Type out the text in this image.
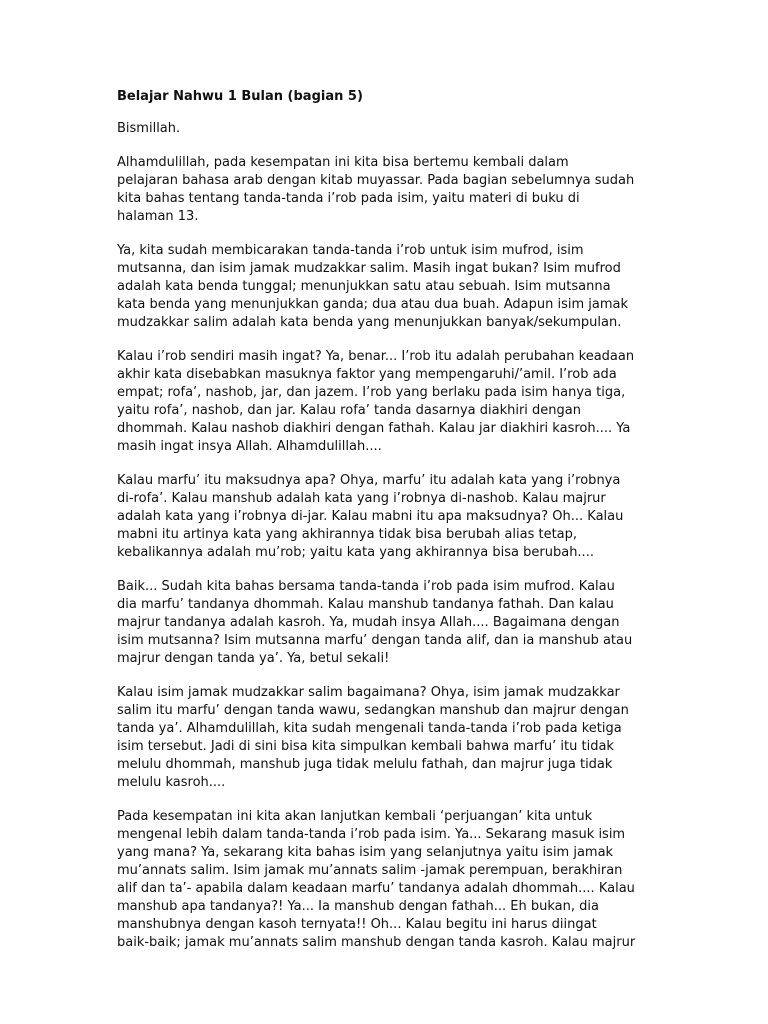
Belajar Nahwu 1 Bulan (bagian 5)
Bismillah.
Alhamdulillah, pada kesempatan ini kita bisa bertemu kembali dalam
pelajaran bahasa arab dengan kitab muyassar. Pada bagian sebelumnya sudah
kita bahas tentang tanda-tanda i’rob pada isim, yaitu materi di buku di
halaman 13.
Ya, kita sudah membicarakan tanda-tanda i’rob untuk isim mufrod, isim
mutsanna, dan isim jamak mudzakkar salim. Masih ingat bukan? Isim mufrod
adalah kata benda tunggal; menunjukkan satu atau sebuah. Isim mutsanna
kata benda yang menunjukkan ganda; dua atau dua buah. Adapun isim jamak
mudzakkar salim adalah kata benda yang menunjukkan banyak/sekumpulan.
Kalau i’rob sendiri masih ingat? Ya, benar... I’rob itu adalah perubahan keadaan
akhir kata disebabkan masuknya faktor yang mempengaruhi/’amil. I’rob ada
empat; rofa’, nashob, jar, dan jazem. I’rob yang berlaku pada isim hanya tiga,
yaitu rofa’, nashob, dan jar. Kalau rofa’ tanda dasarnya diakhiri dengan
dhommah. Kalau nashob diakhiri dengan fathah. Kalau jar diakhiri kasroh.... Ya
masih ingat insya Allah. Alhamdulillah....
Kalau marfu’ itu maksudnya apa? Ohya, marfu’ itu adalah kata yang i’robnya
di-rofa’. Kalau manshub adalah kata yang i’robnya di-nashob. Kalau majrur
adalah kata yang i’robnya di-jar. Kalau mabni itu apa maksudnya? Oh... Kalau
mabni itu artinya kata yang akhirannya tidak bisa berubah alias tetap,
kebalikannya adalah mu’rob; yaitu kata yang akhirannya bisa berubah....
Baik... Sudah kita bahas bersama tanda-tanda i’rob pada isim mufrod. Kalau
dia marfu’ tandanya dhommah. Kalau manshub tandanya fathah. Dan kalau
majrur tandanya adalah kasroh. Ya, mudah insya Allah.... Bagaimana dengan
isim mutsanna? Isim mutsanna marfu’ dengan tanda alif, dan ia manshub atau
majrur dengan tanda ya’. Ya, betul sekali!
Kalau isim jamak mudzakkar salim bagaimana? Ohya, isim jamak mudzakkar
salim itu marfu’ dengan tanda wawu, sedangkan manshub dan majrur dengan
tanda ya’. Alhamdulillah, kita sudah mengenali tanda-tanda i’rob pada ketiga
isim tersebut. Jadi di sini bisa kita simpulkan kembali bahwa marfu’ itu tidak
melulu dhommah, manshub juga tidak melulu fathah, dan majrur juga tidak
melulu kasroh....
Pada kesempatan ini kita akan lanjutkan kembali ‘perjuangan’ kita untuk
mengenal lebih dalam tanda-tanda i’rob pada isim. Ya... Sekarang masuk isim
yang mana? Ya, sekarang kita bahas isim yang selanjutnya yaitu isim jamak
mu’annats salim. Isim jamak mu’annats salim -jamak perempuan, berakhiran
alif dan ta’- apabila dalam keadaan marfu’ tandanya adalah dhommah.... Kalau
manshub apa tandanya?! Ya... Ia manshub dengan fathah... Eh bukan, dia
manshubnya dengan kasoh ternyata!! Oh... Kalau begitu ini harus diingat
baik-baik; jamak mu’annats salim manshub dengan tanda kasroh. Kalau majrur
